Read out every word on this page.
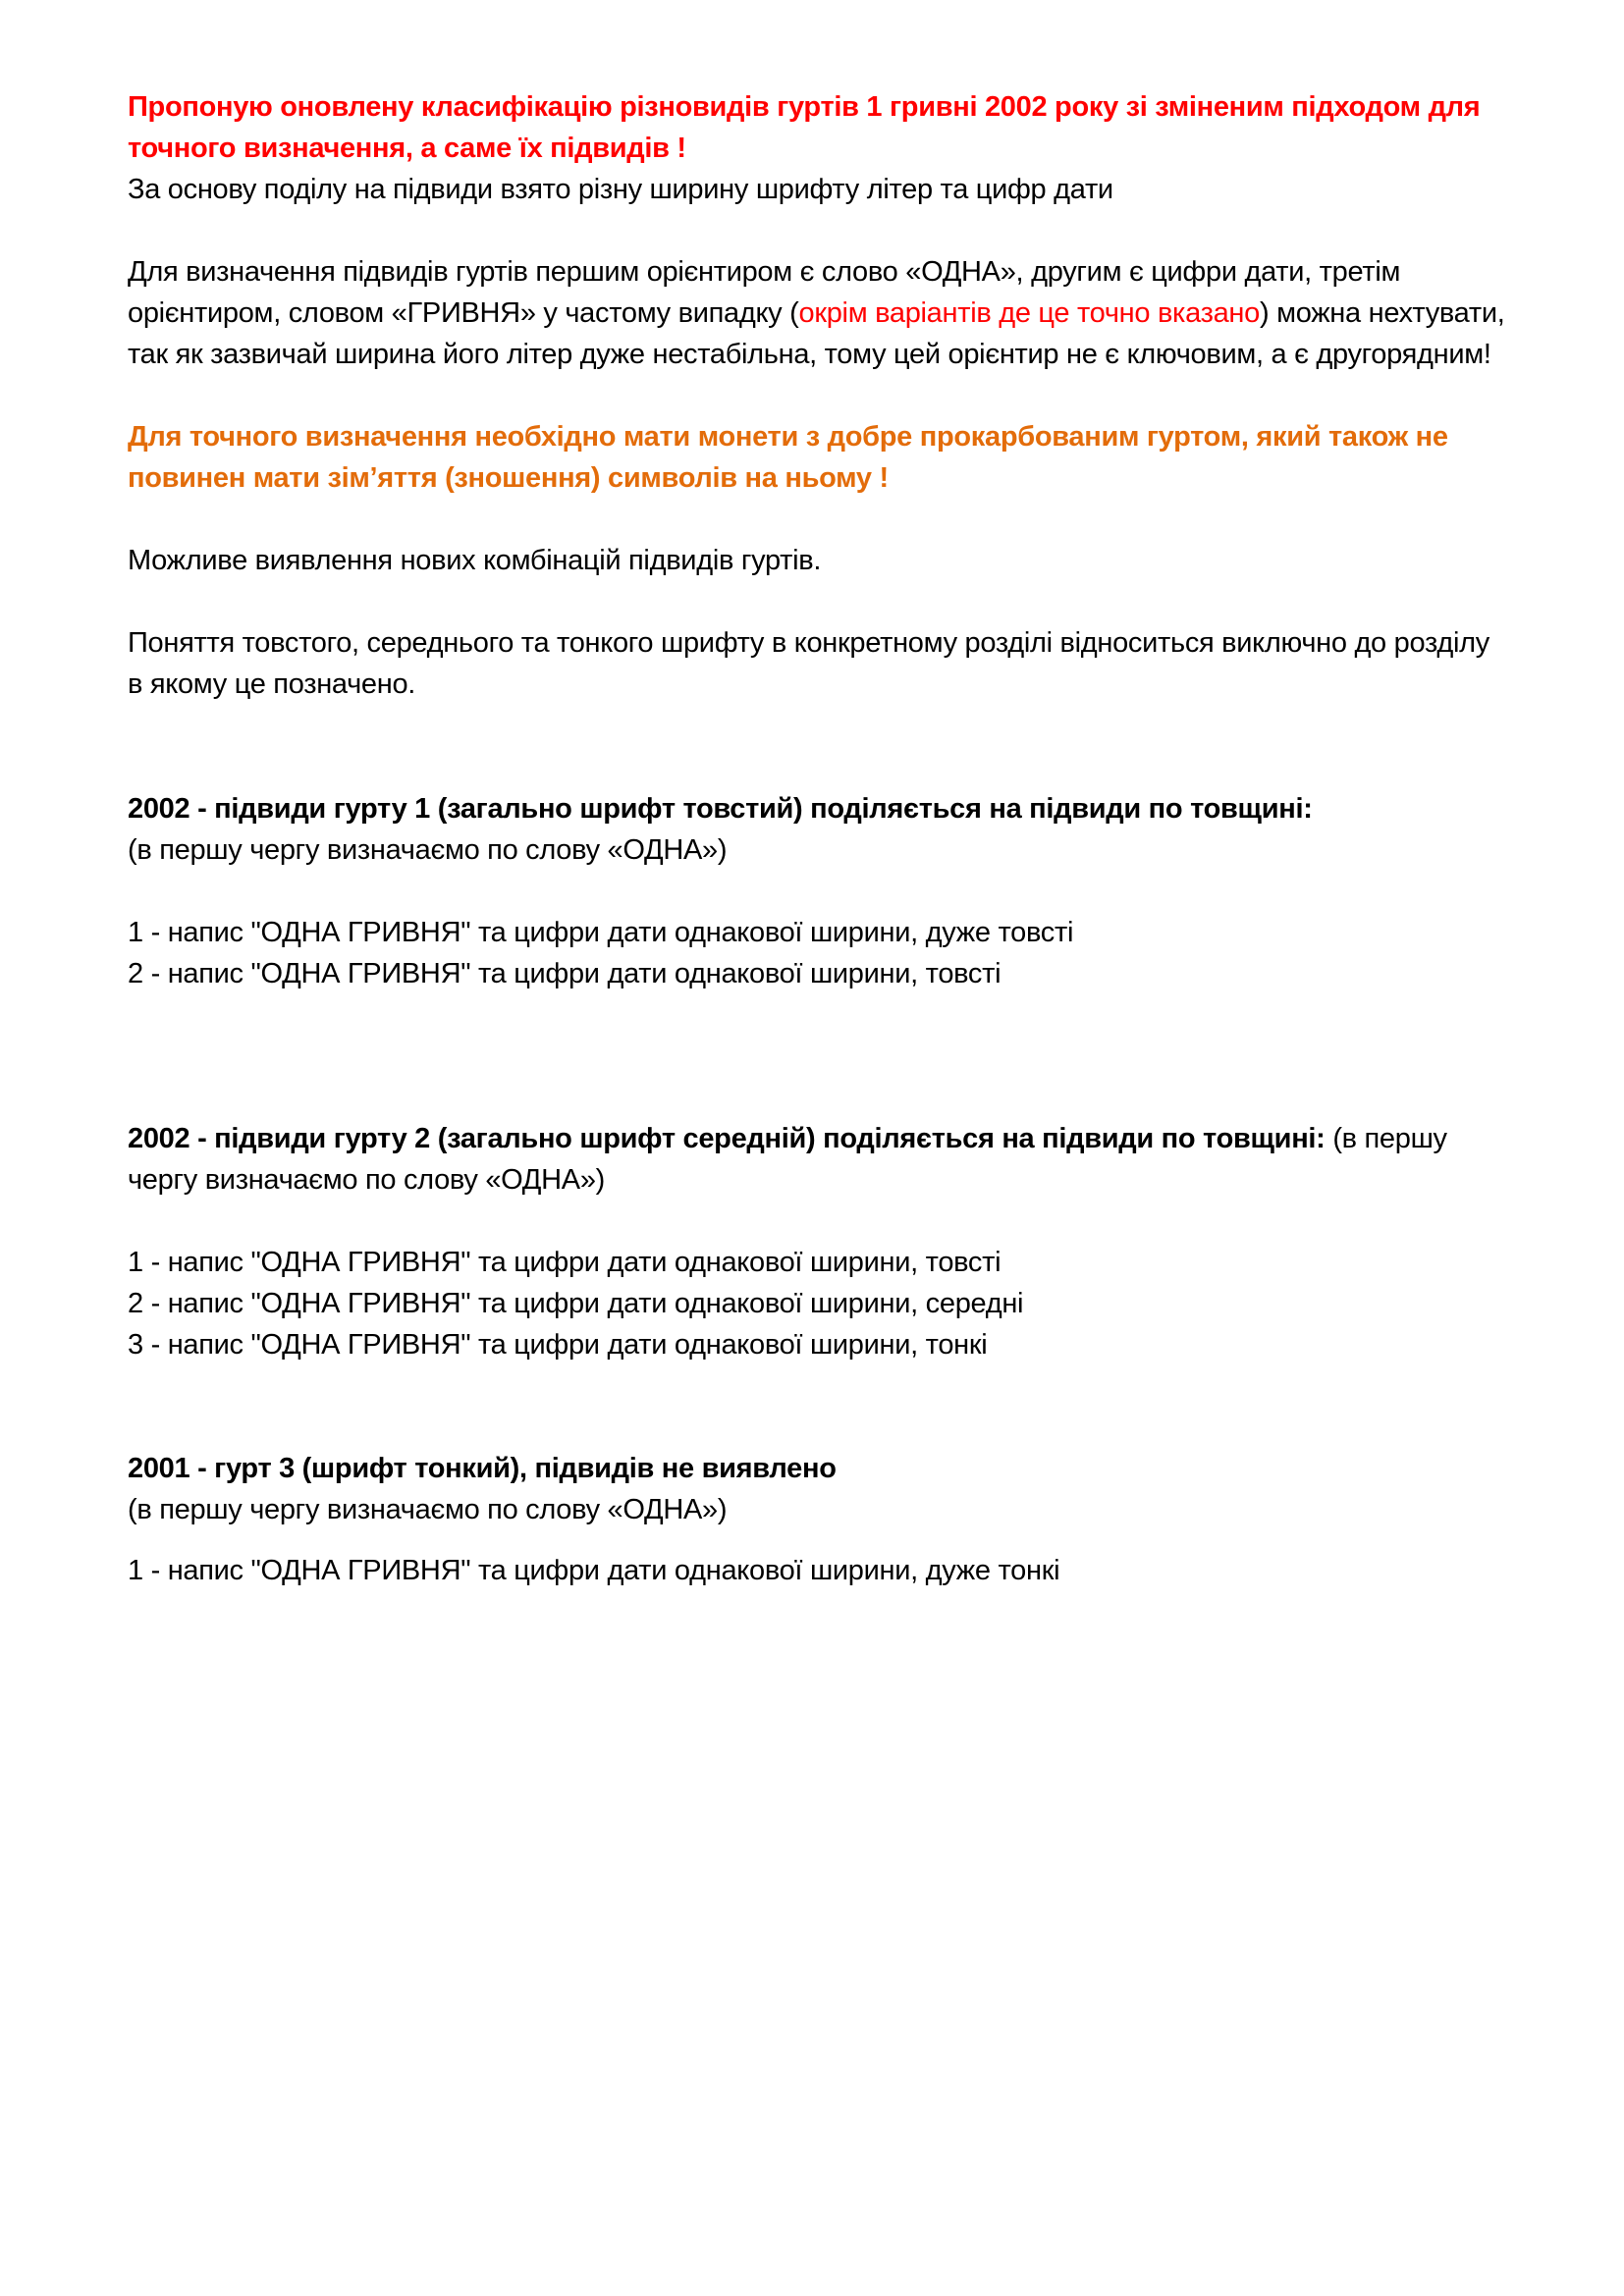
Пропоную оновлену класифікацію різновидів гуртів 1 гривні 2002 року зі зміненим підходом для точного визначення, а саме їх підвидів !

За основу поділу на підвиди взято різну ширину шрифту літер та цифр дати

Для визначення підвидів гуртів першим орієнтиром є слово «ОДНА», другим є цифри дати, третім орієнтиром, словом «ГРИВНЯ» у частому випадку (окрім варіантів де це точно вказано) можна нехтувати, так як зазвичай ширина його літер дуже нестабільна, тому цей орієнтир не є ключовим, а є другорядним!

Для точного визначення необхідно мати монети з добре прокарбованим гуртом, який також не повинен мати зім’яття (зношення) символів на ньому !

Можливе виявлення нових комбінацій підвидів гуртів.

Поняття товстого, середнього та тонкого шрифту в конкретному розділі відноситься виключно до розділу в якому це позначено.

2002 - підвиди гурту 1 (загально шрифт товстий) поділяється на підвиди по товщині:

(в першу чергу визначаємо по слову «ОДНА»)

1 - напис "ОДНА ГРИВНЯ" та цифри дати однакової ширини, дуже товсті

2 - напис "ОДНА ГРИВНЯ" та цифри дати однакової ширини, товсті

2002 - підвиди гурту 2 (загально шрифт середній) поділяється на підвиди по товщині: (в першу чергу визначаємо по слову «ОДНА»)

1 - напис "ОДНА ГРИВНЯ" та цифри дати однакової ширини, товсті

2 - напис "ОДНА ГРИВНЯ" та цифри дати однакової ширини, середні

3 - напис "ОДНА ГРИВНЯ" та цифри дати однакової ширини, тонкі

2001 - гурт 3 (шрифт тонкий), підвидів не виявлено

(в першу чергу визначаємо по слову «ОДНА»)

1 - напис "ОДНА ГРИВНЯ" та цифри дати однакової ширини, дуже тонкі
